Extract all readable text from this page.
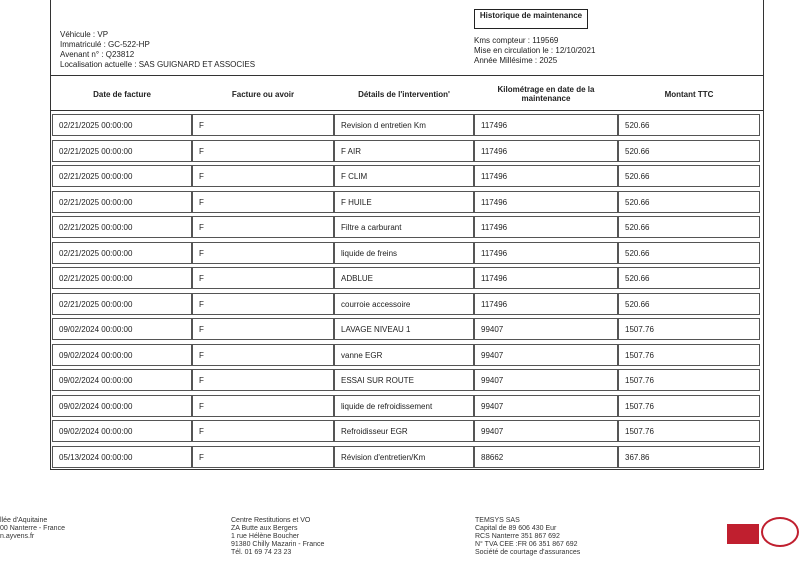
Véhicule : VP
Immatriculé : GC-522-HP
Avenant n° : Q23812
Localisation actuelle : SAS GUIGNARD ET ASSOCIES
Historique de maintenance
Kms compteur : 119569
Mise en circulation le : 12/10/2021
Année Millésime : 2025
Date de facture	Facture ou avoir	Détails de l'intervention'	Kilométrage en date de la maintenance	Montant TTC
02/21/2025 00:00:00	F	Revision d entretien Km	117496	520.66
02/21/2025 00:00:00	F	F AIR	117496	520.66
02/21/2025 00:00:00	F	F CLIM	117496	520.66
02/21/2025 00:00:00	F	F HUILE	117496	520.66
02/21/2025 00:00:00	F	Filtre a carburant	117496	520.66
02/21/2025 00:00:00	F	liquide de freins	117496	520.66
02/21/2025 00:00:00	F	ADBLUE	117496	520.66
02/21/2025 00:00:00	F	courroie accessoire	117496	520.66
09/02/2024 00:00:00	F	LAVAGE NIVEAU 1	99407	1507.76
09/02/2024 00:00:00	F	vanne EGR	99407	1507.76
09/02/2024 00:00:00	F	ESSAI SUR ROUTE	99407	1507.76
09/02/2024 00:00:00	F	liquide de refroidissement	99407	1507.76
09/02/2024 00:00:00	F	Refroidisseur EGR	99407	1507.76
05/13/2024 00:00:00	F	Révision d'entretien/Km	88662	367.86
llée d'Aquitaine
00 Nanterre - France
n.ayvens.fr
Centre Restitutions et VO
ZA Butte aux Bergers
1 rue Hélène Boucher
91380 Chilly Mazarin - France
Tél. 01 69 74 23 23
TEMSYS SAS
Capital de 89 606 430 Eur
RCS Nanterre 351 867 692
N° TVA CEE :FR 06 351 867 692
Société de courtage d'assurances
